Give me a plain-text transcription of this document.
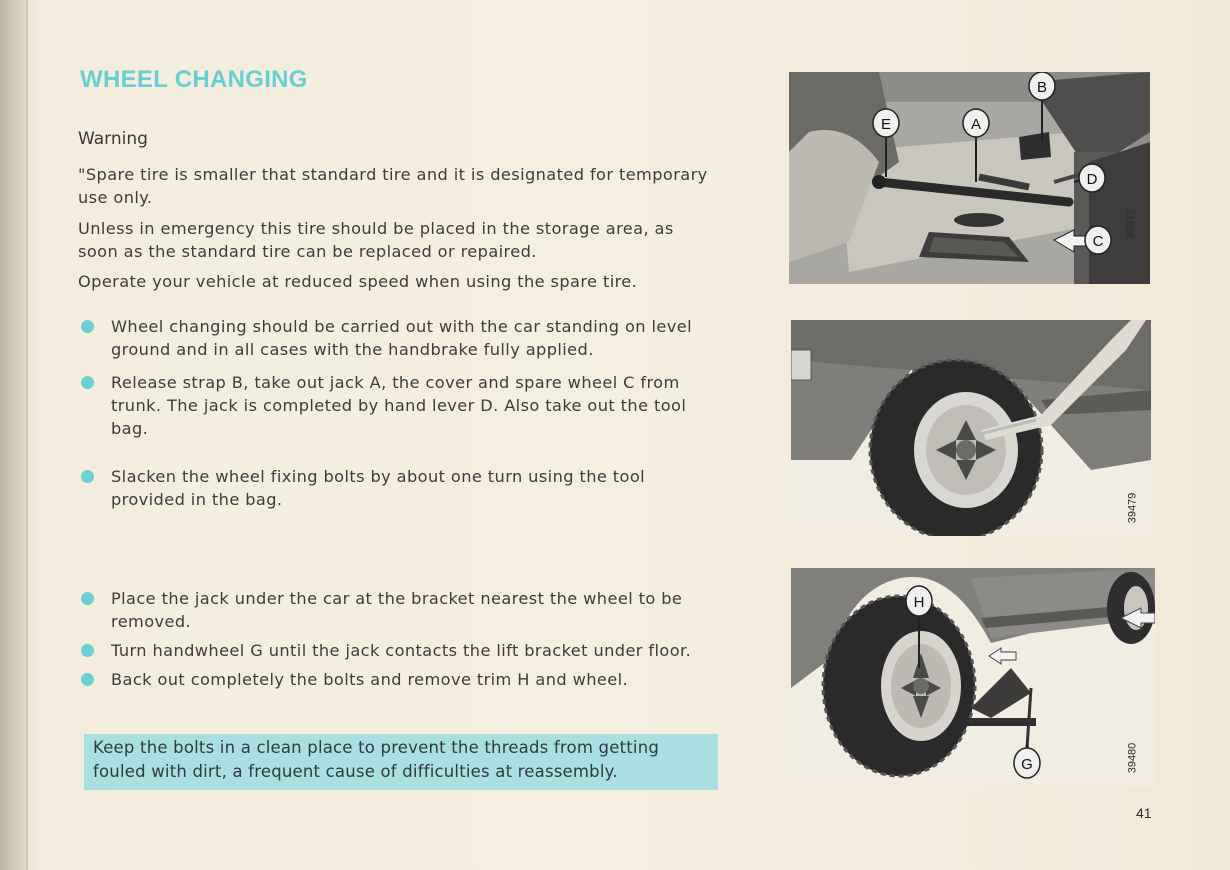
WHEEL CHANGING
Warning

"Spare tire is smaller that standard tire and it is designated for temporary use only.

Unless in emergency this tire should be placed in the storage area, as soon as the standard tire can be replaced or repaired.

Operate your vehicle at reduced speed when using the spare tire.

Wheel changing should be carried out with the car standing on level ground and in all cases with the handbrake fully applied.
Release strap B, take out jack A, the cover and spare wheel C from trunk. The jack is completed by hand lever D. Also take out the tool bag.
Slacken the wheel fixing bolts by about one turn using the tool provided in the bag.
Place the jack under the car at the bracket nearest the wheel to be removed.
Turn handwheel G until the jack contacts the lift bracket under floor.
Back out completely the bolts and remove trim H and wheel.

Keep the bolts in a clean place to prevent the threads from getting fouled with dirt, a frequent cause of difficulties at reassembly.

E	A
B
D
C
39517
39479
H
G	39480

41
